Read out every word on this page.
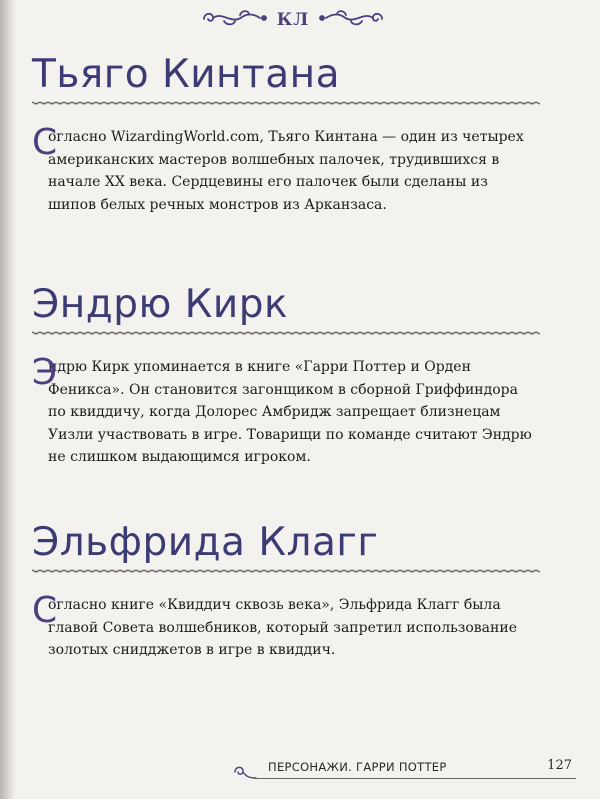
КЛ
Тьяго Кинтана

С
огласно WizardingWorld.com, Тьяго Кинтана — один из четырех американских мастеров волшебных палочек, трудившихся в начале XX века. Сердцевины его палочек были сделаны из шипов белых речных монстров из Арканзаса.

Эндрю Кирк

Э
ндрю Кирк упоминается в книге «Гарри Поттер и Орден Феникса». Он становится загонщиком в сборной Гриффиндора по квиддичу, когда Долорес Амбридж запрещает близнецам Уизли участвовать в игре. Товарищи по команде считают Эндрю не слишком выдающимся игроком.

Эльфрида Клагг

С
огласно книге «Квиддич сквозь века», Эльфрида Клагг была главой Совета волшебников, который запретил использование золотых снидджетов в игре в квиддич.

ПЕРСОНАЖИ. ГАРРИ ПОТТЕР	127
